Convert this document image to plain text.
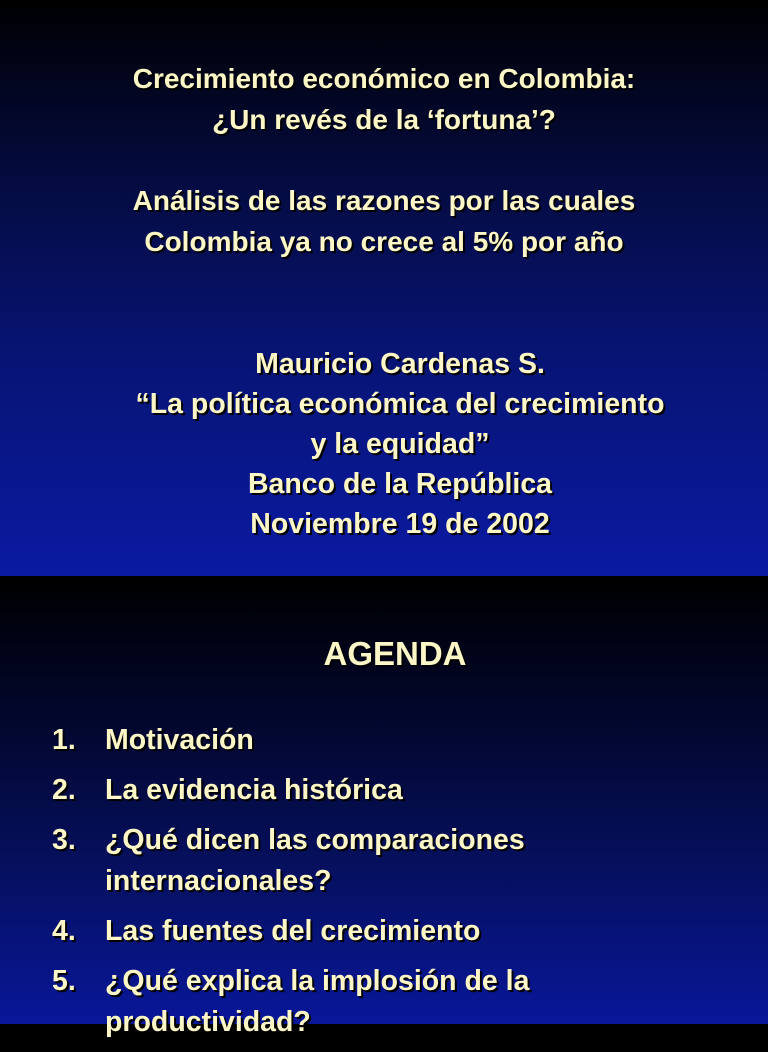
Crecimiento económico en Colombia:
¿Un revés de la ‘fortuna’?
Análisis de las razones por las cuales
Colombia ya no crece al 5% por año
Mauricio Cardenas S.
“La política económica del crecimiento
y la equidad”
Banco de la República
Noviembre 19 de 2002
AGENDA
1. Motivación
2. La evidencia histórica
3. ¿Qué dicen las comparaciones
internacionales?
4. Las fuentes del crecimiento
5. ¿Qué explica la implosión de la
productividad?
